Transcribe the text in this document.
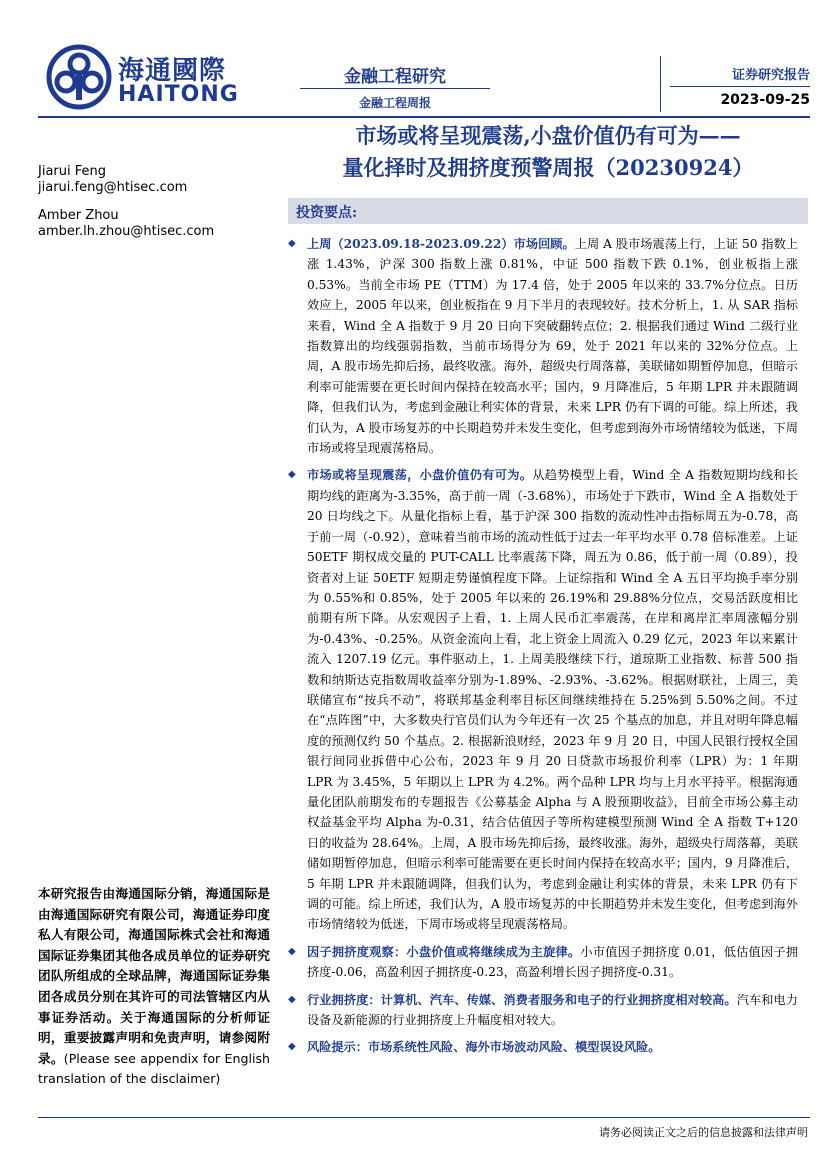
海通國際
HAITONG
金融工程研究
金融工程周报
证券研究报告
2023-09-25
市场或将呈现震荡,小盘价值仍有可为——
量化择时及拥挤度预警周报（20230924）
Jiarui Feng
jiarui.feng@htisec.com
Amber Zhou
amber.lh.zhou@htisec.com
投资要点:
◆ 上周（2023.09.18-2023.09.22）市场回顾。上周 A 股市场震荡上行，上证 50 指数上涨 1.43%，沪深 300 指数上涨 0.81%，中证 500 指数下跌 0.1%，创业板指上涨 0.53%。当前全市场 PE（TTM）为 17.4 倍，处于 2005 年以来的 33.7%分位点。日历效应上，2005 年以来，创业板指在 9 月下半月的表现较好。技术分析上，1. 从 SAR 指标来看，Wind 全 A 指数于 9 月 20 日向下突破翻转点位；2. 根据我们通过 Wind 二级行业指数算出的均线强弱指数，当前市场得分为 69，处于 2021 年以来的 32%分位点。上周，A 股市场先抑后扬，最终收涨。海外，超级央行周落幕，美联储如期暂停加息，但暗示利率可能需要在更长时间内保持在较高水平；国内，9 月降准后，5 年期 LPR 并未跟随调降，但我们认为，考虑到金融让利实体的背景，未来 LPR 仍有下调的可能。综上所述，我们认为，A 股市场复苏的中长期趋势并未发生变化，但考虑到海外市场情绪较为低迷，下周市场或将呈现震荡格局。
◆ 市场或将呈现震荡，小盘价值仍有可为。从趋势模型上看，Wind 全 A 指数短期均线和长期均线的距离为-3.35%，高于前一周（-3.68%），市场处于下跌市，Wind 全 A 指数处于 20 日均线之下。从量化指标上看，基于沪深 300 指数的流动性冲击指标周五为-0.78，高于前一周（-0.92），意味着当前市场的流动性低于过去一年平均水平 0.78 倍标准差。上证 50ETF 期权成交量的 PUT-CALL 比率震荡下降，周五为 0.86，低于前一周（0.89），投资者对上证 50ETF 短期走势谨慎程度下降。上证综指和 Wind 全 A 五日平均换手率分别为 0.55%和 0.85%，处于 2005 年以来的 26.19%和 29.88%分位点，交易活跃度相比前期有所下降。从宏观因子上看，1. 上周人民币汇率震荡，在岸和离岸汇率周涨幅分别为-0.43%、-0.25%。从资金流向上看，北上资金上周流入 0.29 亿元，2023 年以来累计流入 1207.19 亿元。事件驱动上，1. 上周美股继续下行，道琼斯工业指数、标普 500 指数和纳斯达克指数周收益率分别为-1.89%、-2.93%、-3.62%。根据财联社，上周三，美联储宣布“按兵不动”，将联邦基金利率目标区间继续维持在 5.25%到 5.50%之间。不过在“点阵图”中，大多数央行官员们认为今年还有一次 25 个基点的加息，并且对明年降息幅度的预测仅约 50 个基点。2. 根据新浪财经，2023 年 9 月 20 日，中国人民银行授权全国银行间同业拆借中心公布，2023 年 9 月 20 日贷款市场报价利率（LPR）为：1 年期 LPR 为 3.45%，5 年期以上 LPR 为 4.2%。两个品种 LPR 均与上月水平持平。根据海通量化团队前期发布的专题报告《公募基金 Alpha 与 A 股预期收益》，目前全市场公募主动权益基金平均 Alpha 为-0.31，结合估值因子等所构建模型预测 Wind 全 A 指数 T+120 日的收益为 28.64%。上周，A 股市场先抑后扬，最终收涨。海外，超级央行周落幕，美联储如期暂停加息，但暗示利率可能需要在更长时间内保持在较高水平；国内，9 月降准后，5 年期 LPR 并未跟随调降，但我们认为，考虑到金融让利实体的背景，未来 LPR 仍有下调的可能。综上所述，我们认为，A 股市场复苏的中长期趋势并未发生变化，但考虑到海外市场情绪较为低迷，下周市场或将呈现震荡格局。
◆ 因子拥挤度观察：小盘价值或将继续成为主旋律。小市值因子拥挤度 0.01，低估值因子拥挤度-0.06，高盈利因子拥挤度-0.23，高盈利增长因子拥挤度-0.31。
◆ 行业拥挤度：计算机、汽车、传媒、消费者服务和电子的行业拥挤度相对较高。汽车和电力设备及新能源的行业拥挤度上升幅度相对较大。
◆ 风险提示：市场系统性风险、海外市场波动风险、模型误设风险。
本研究报告由海通国际分销，海通国际是由海通国际研究有限公司，海通证券印度私人有限公司，海通国际株式会社和海通国际证券集团其他各成员单位的证券研究团队所组成的全球品牌，海通国际证券集团各成员分别在其许可的司法管辖区内从事证券活动。关于海通国际的分析师证明，重要披露声明和免责声明，请参阅附录。(Please see appendix for English translation of the disclaimer)
请务必阅读正文之后的信息披露和法律声明
